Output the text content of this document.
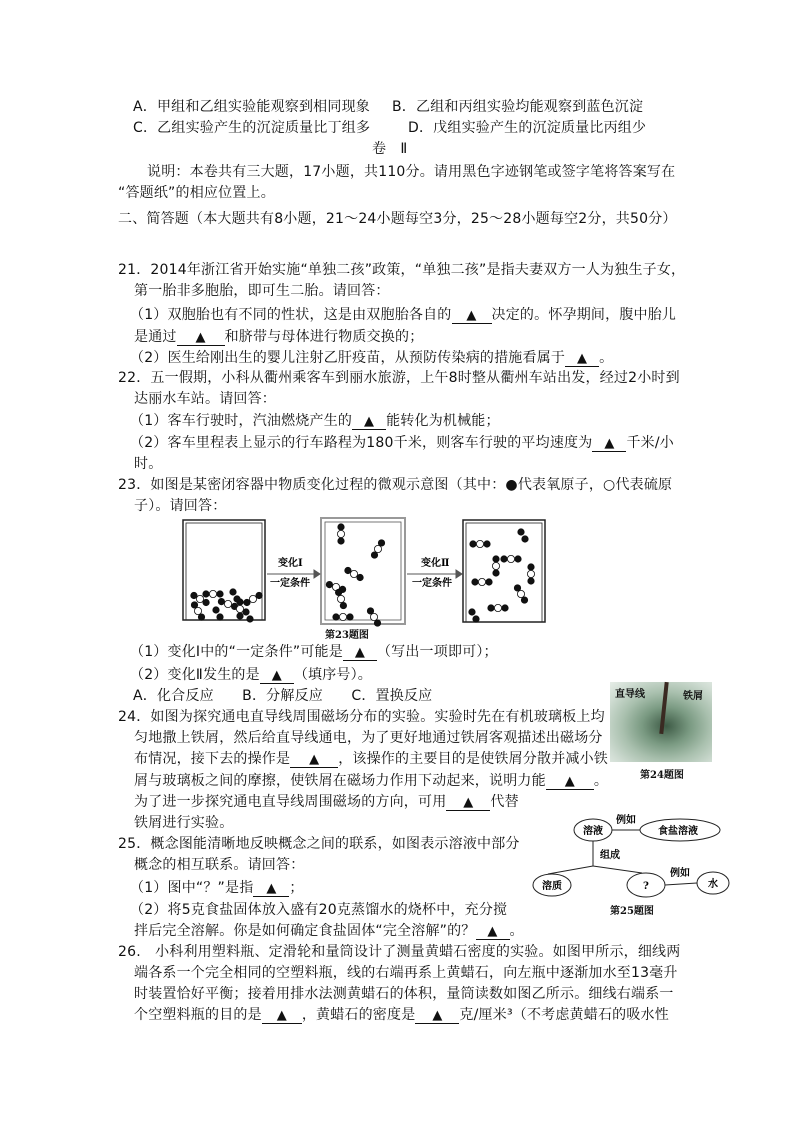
A．甲组和乙组实验能观察到相同现象 B．乙组和丙组实验均能观察到蓝色沉淀
C．乙组实验产生的沉淀质量比丁组多	D．戊组实验产生的沉淀质量比丙组少
卷　Ⅱ
说明：本卷共有三大题，17小题，共110分。请用黑色字迹钢笔或签字笔将答案写在
“答题纸”的相应位置上。
二、简答题（本大题共有8小题，21～24小题每空3分，25～28小题每空2分，共50分）
21．2014年浙江省开始实施“单独二孩”政策，“单独二孩”是指夫妻双方一人为独生子女，
第一胎非多胞胎，即可生二胎。请回答：
（1）双胞胎也有不同的性状，这是由双胞胎各自的 ▲ 决定的。怀孕期间，腹中胎儿
是通过 ▲ 和脐带与母体进行物质交换的；
（2）医生给刚出生的婴儿注射乙肝疫苗，从预防传染病的措施看属于 ▲ 。
22．五一假期，小科从衢州乘客车到丽水旅游，上午8时整从衢州车站出发，经过2小时到
达丽水车站。请回答：
（1）客车行驶时，汽油燃烧产生的 ▲ 能转化为机械能；
（2）客车里程表上显示的行车路程为180千米，则客车行驶的平均速度为 ▲ 千米/小
时。
23．如图是某密闭容器中物质变化过程的微观示意图（其中：●代表氧原子，○代表硫原
子）。请回答：
（1）变化Ⅰ中的“一定条件”可能是 ▲ （写出一项即可）；
（2）变化Ⅱ发生的是 ▲ （填序号）。
A．化合反应　　B．分解反应　　C．置换反应
24．如图为探究通电直导线周围磁场分布的实验。实验时先在有机玻璃板上均
匀地撒上铁屑，然后给直导线通电，为了更好地通过铁屑客观描述出磁场分
布情况，接下去的操作是 ▲ ，该操作的主要目的是使铁屑分散并减小铁
屑与玻璃板之间的摩擦，使铁屑在磁场力作用下动起来，说明力能 ▲ 。
为了进一步探究通电直导线周围磁场的方向，可用 ▲ 代替
铁屑进行实验。
25．概念图能清晰地反映概念之间的联系，如图表示溶液中部分
概念的相互联系。请回答：
（1）图中“？”是指 ▲ ；
（2）将5克食盐固体放入盛有20克蒸馏水的烧杯中，充分搅
拌后完全溶解。你是如何确定食盐固体“完全溶解”的？ ▲ 。
26.　小科利用塑料瓶、定滑轮和量筒设计了测量黄蜡石密度的实验。如图甲所示，细线两
端各系一个完全相同的空塑料瓶，线的右端再系上黄蜡石，向左瓶中逐渐加水至13毫升
时装置恰好平衡；接着用排水法测黄蜡石的体积，量筒读数如图乙所示。细线右端系一
个空塑料瓶的目的是 ▲ ，黄蜡石的密度是 ▲ 克/厘米³（不考虑黄蜡石的吸水性
变化Ⅰ
一定条件
变化Ⅱ
一定条件
第23题图
直导线	铁屑
第24题图
溶液	食盐溶液
溶质	?	水
例如
组成
例如
第25题图
